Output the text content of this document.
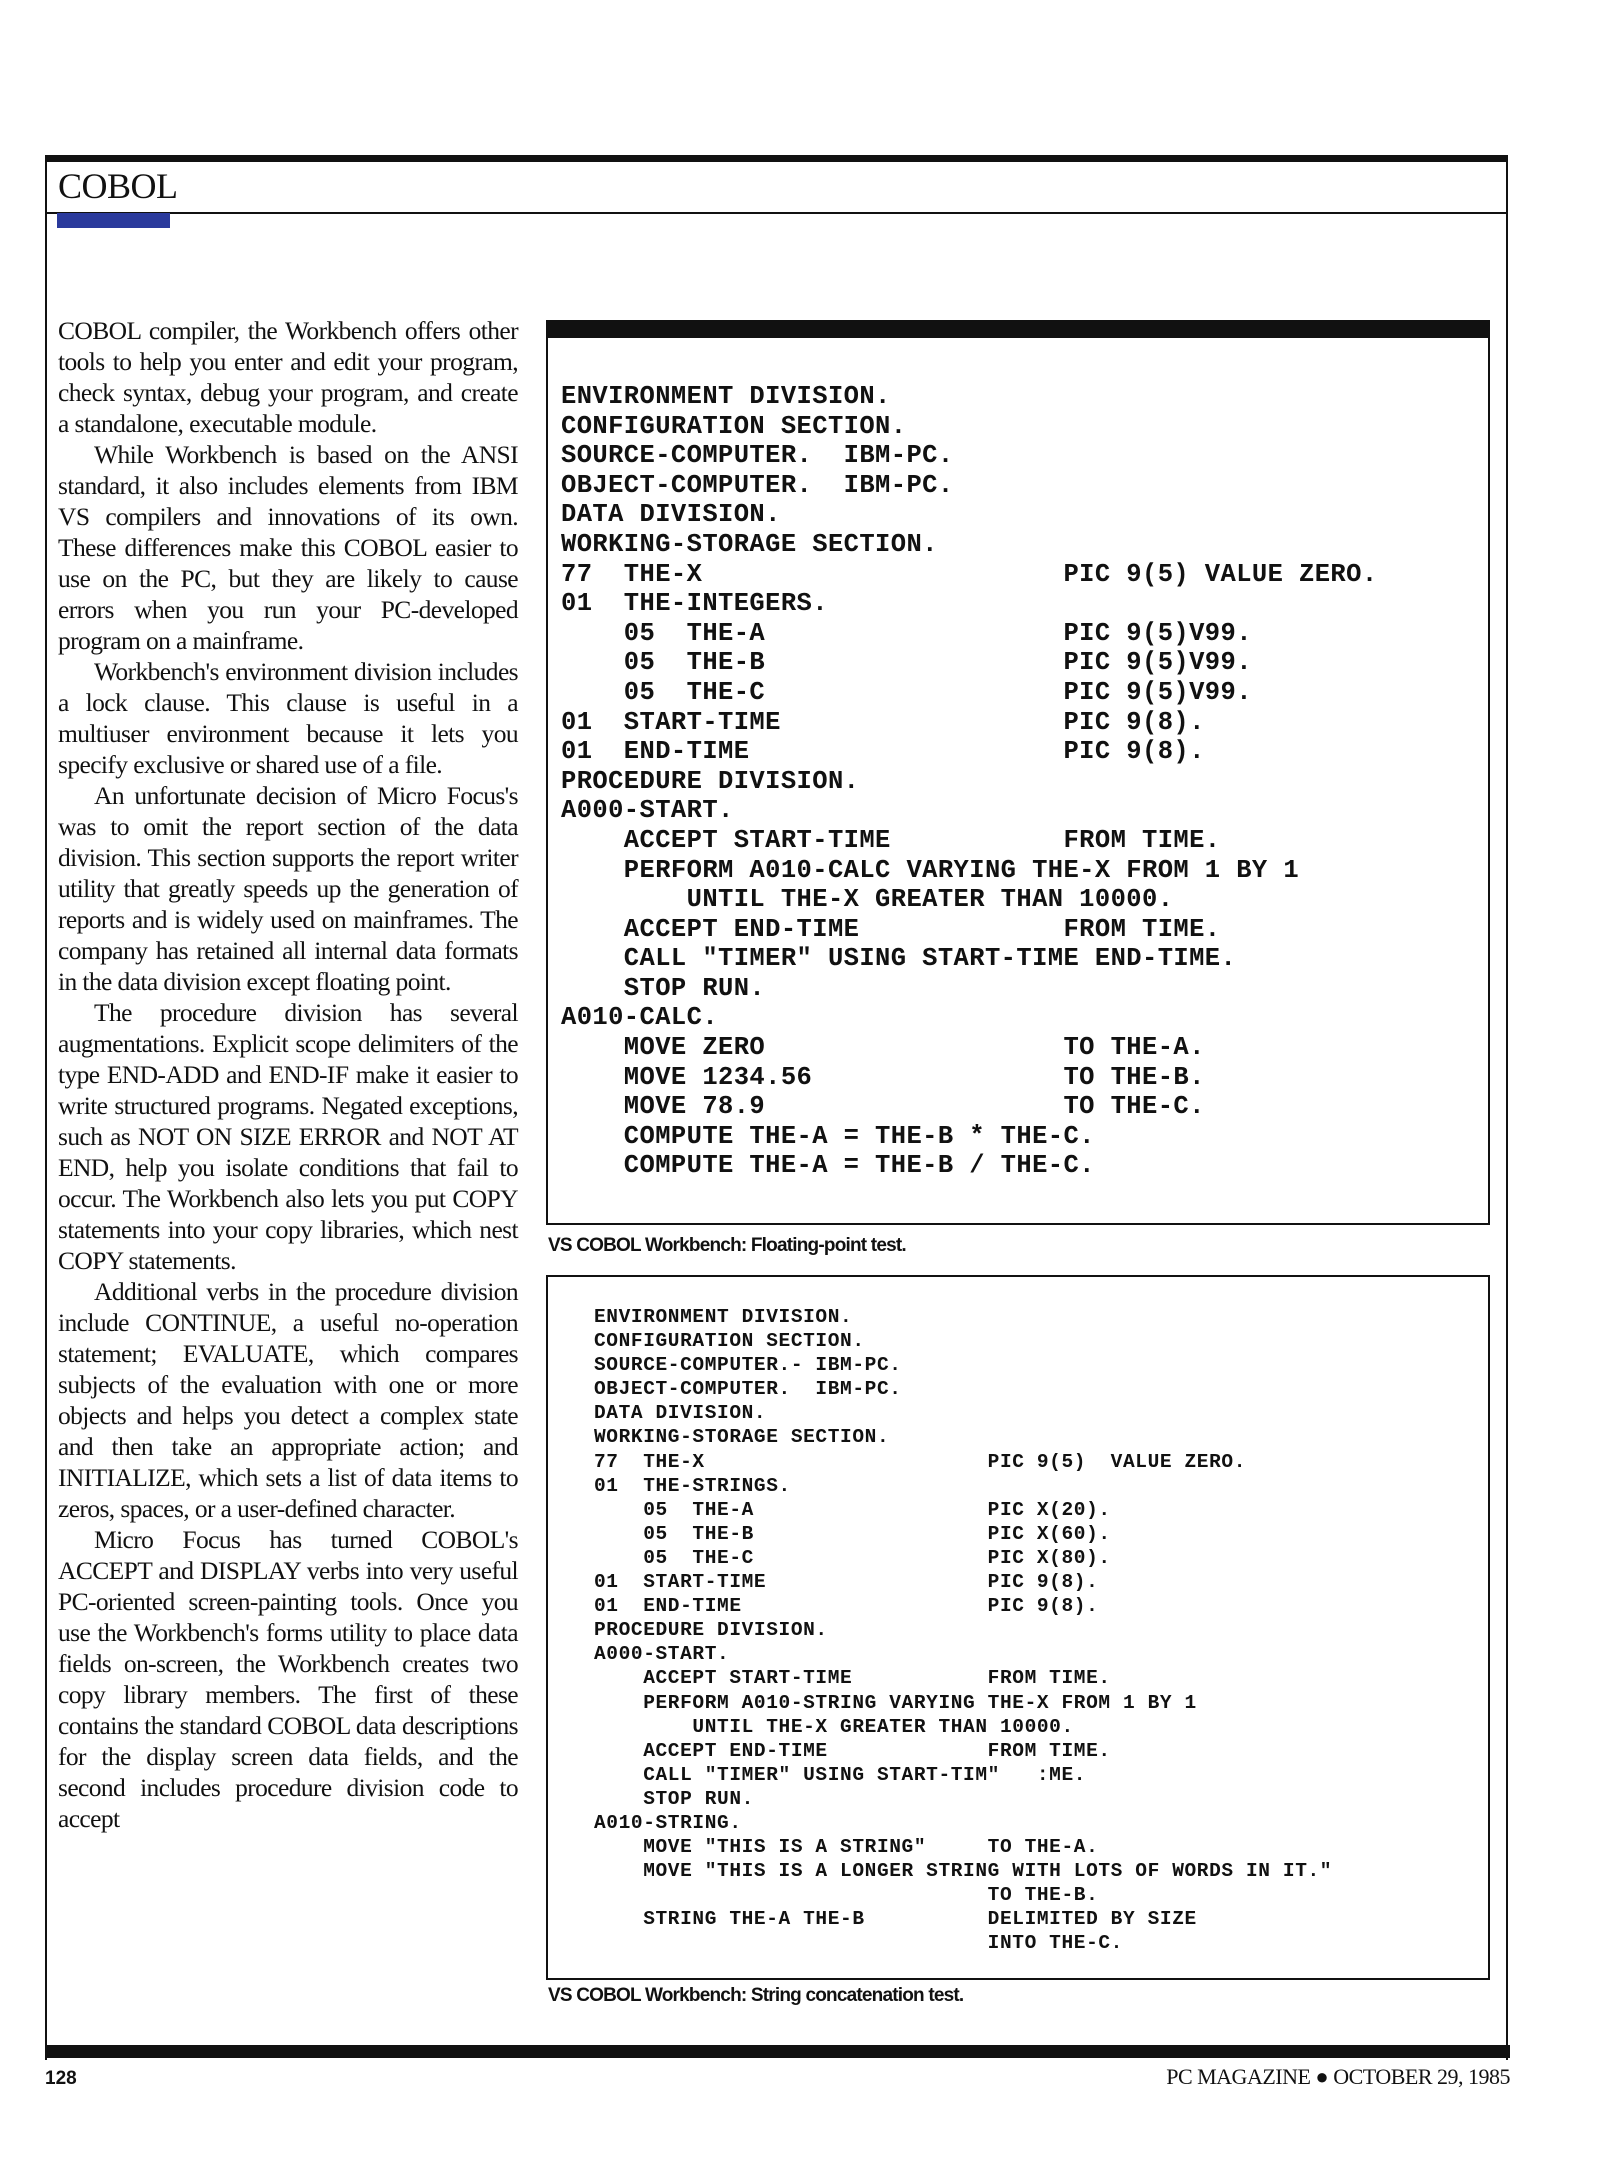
COBOL

COBOL compiler, the Workbench offers other tools to help you enter and edit your program, check syntax, debug your program, and create a standalone, executable module.

While Workbench is based on the ANSI standard, it also includes elements from IBM VS compilers and innovations of its own. These differences make this COBOL easier to use on the PC, but they are likely to cause errors when you run your PC-developed program on a mainframe.

Workbench's environment division includes a lock clause. This clause is useful in a multiuser environment because it lets you specify exclusive or shared use of a file.

An unfortunate decision of Micro Focus's was to omit the report section of the data division. This section supports the report writer utility that greatly speeds up the generation of reports and is widely used on mainframes. The company has retained all internal data formats in the data division except floating point.

The procedure division has several augmentations. Explicit scope delimiters of the type END-ADD and END-IF make it easier to write structured programs. Negated exceptions, such as NOT ON SIZE ERROR and NOT AT END, help you isolate conditions that fail to occur. The Workbench also lets you put COPY statements into your copy libraries, which nest COPY statements.

Additional verbs in the procedure division include CONTINUE, a useful no-operation statement; EVALUATE, which compares subjects of the evaluation with one or more objects and helps you detect a complex state and then take an appropriate action; and INITIALIZE, which sets a list of data items to zeros, spaces, or a user-defined character.

Micro Focus has turned COBOL's ACCEPT and DISPLAY verbs into very useful PC-oriented screen-painting tools. Once you use the Workbench's forms utility to place data fields on-screen, the Workbench creates two copy library members. The first of these contains the standard COBOL data descriptions for the display screen data fields, and the second includes procedure division code to accept

ENVIRONMENT DIVISION.
CONFIGURATION SECTION.
SOURCE-COMPUTER.  IBM-PC.
OBJECT-COMPUTER.  IBM-PC.
DATA DIVISION.
WORKING-STORAGE SECTION.
77  THE-X                       PIC 9(5) VALUE ZERO.
01  THE-INTEGERS.
05  THE-A                   PIC 9(5)V99.
05  THE-B                   PIC 9(5)V99.
05  THE-C                   PIC 9(5)V99.
01  START-TIME                  PIC 9(8).
01  END-TIME                    PIC 9(8).
PROCEDURE DIVISION.
A000-START.
ACCEPT START-TIME           FROM TIME.
PERFORM A010-CALC VARYING THE-X FROM 1 BY 1
UNTIL THE-X GREATER THAN 10000.
ACCEPT END-TIME             FROM TIME.
CALL "TIMER" USING START-TIME END-TIME.
STOP RUN.
A010-CALC.
MOVE ZERO                   TO THE-A.
MOVE 1234.56                TO THE-B.
MOVE 78.9                   TO THE-C.
COMPUTE THE-A = THE-B * THE-C.
COMPUTE THE-A = THE-B / THE-C.
VS COBOL Workbench: Floating-point test.
ENVIRONMENT DIVISION.
CONFIGURATION SECTION.
SOURCE-COMPUTER.- IBM-PC.
OBJECT-COMPUTER.  IBM-PC.
DATA DIVISION.
WORKING-STORAGE SECTION.
77  THE-X                       PIC 9(5)  VALUE ZERO.
01  THE-STRINGS.
05  THE-A                   PIC X(20).
05  THE-B                   PIC X(60).
05  THE-C                   PIC X(80).
01  START-TIME                  PIC 9(8).
01  END-TIME                    PIC 9(8).
PROCEDURE DIVISION.
A000-START.
ACCEPT START-TIME           FROM TIME.
PERFORM A010-STRING VARYING THE-X FROM 1 BY 1
UNTIL THE-X GREATER THAN 10000.
ACCEPT END-TIME             FROM TIME.
CALL "TIMER" USING START-TIM"   :ME.
STOP RUN.
A010-STRING.
MOVE "THIS IS A STRING"     TO THE-A.
MOVE "THIS IS A LONGER STRING WITH LOTS OF WORDS IN IT."
TO THE-B.
STRING THE-A THE-B          DELIMITED BY SIZE
INTO THE-C.
VS COBOL Workbench: String concatenation test.
128	PC MAGAZINE ● OCTOBER 29, 1985
